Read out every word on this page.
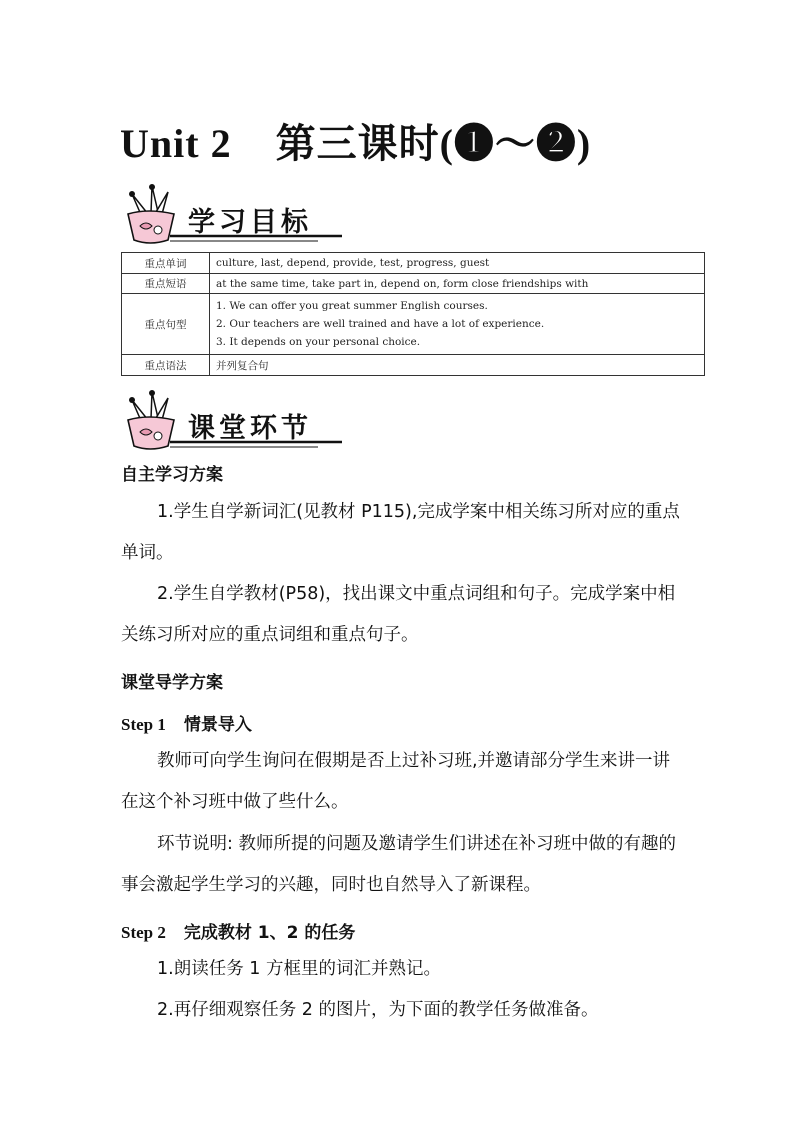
Unit 2 第三课时(❶～❷)
学习目标
重点单词	culture, last, depend, provide, test, progress, guest
重点短语	at the same time, take part in, depend on, form close friendships with
重点句型	1. We can offer you great summer English courses.
2. Our teachers are well trained and have a lot of experience.
3. It depends on your personal choice.

重点语法	并列复合句
课堂环节
自主学习方案
1.学生自学新词汇(见教材 P115),完成学案中相关练习所对应的重点单词。
2.学生自学教材(P58)，找出课文中重点词组和句子。完成学案中相关练习所对应的重点词组和重点句子。
课堂导学方案
Step 1 情景导入
教师可向学生询问在假期是否上过补习班,并邀请部分学生来讲一讲在这个补习班中做了些什么。
环节说明: 教师所提的问题及邀请学生们讲述在补习班中做的有趣的事会激起学生学习的兴趣，同时也自然导入了新课程。
Step 2 完成教材 1、2 的任务
1.朗读任务 1 方框里的词汇并熟记。
2.再仔细观察任务 2 的图片，为下面的教学任务做准备。
